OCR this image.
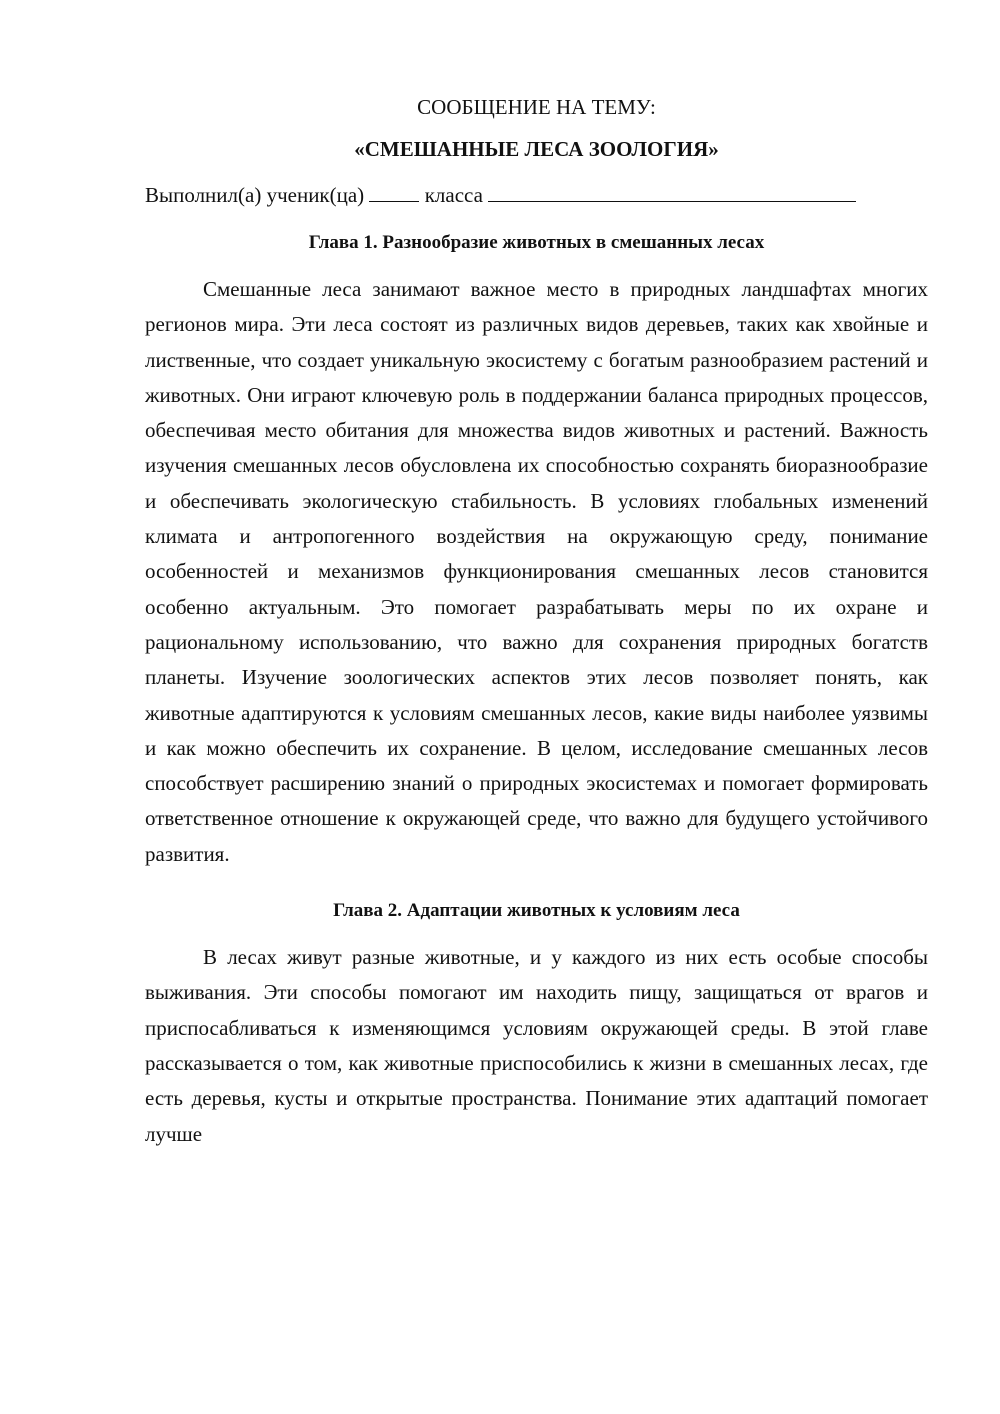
СООБЩЕНИЕ НА ТЕМУ:

«СМЕШАННЫЕ ЛЕСА ЗООЛОГИЯ»

Выполнил(а) ученик(ца)	класса

Глава 1. Разнообразие животных в смешанных лесах

Смешанные леса занимают важное место в природных ландшафтах многих регионов мира. Эти леса состоят из различных видов деревьев, таких как хвойные и лиственные, что создает уникальную экосистему с богатым разнообразием растений и животных. Они играют ключевую роль в поддержании баланса природных процессов, обеспечивая место обитания для множества видов животных и растений. Важность изучения смешанных лесов обусловлена их способностью сохранять биоразнообразие и обеспечивать экологическую стабильность. В условиях глобальных изменений климата и антропогенного воздействия на окружающую среду, понимание особенностей и механизмов функционирования смешанных лесов становится особенно актуальным. Это помогает разрабатывать меры по их охране и рациональному использованию, что важно для сохранения природных богатств планеты. Изучение зоологических аспектов этих лесов позволяет понять, как животные адаптируются к условиям смешанных лесов, какие виды наиболее уязвимы и как можно обеспечить их сохранение. В целом, исследование смешанных лесов способствует расширению знаний о природных экосистемах и помогает формировать ответственное отношение к окружающей среде, что важно для будущего устойчивого развития.

Глава 2. Адаптации животных к условиям леса

В лесах живут разные животные, и у каждого из них есть особые способы выживания. Эти способы помогают им находить пищу, защищаться от врагов и приспосабливаться к изменяющимся условиям окружающей среды. В этой главе рассказывается о том, как животные приспособились к жизни в смешанных лесах, где есть деревья, кусты и открытые пространства. Понимание этих адаптаций помогает лучше
